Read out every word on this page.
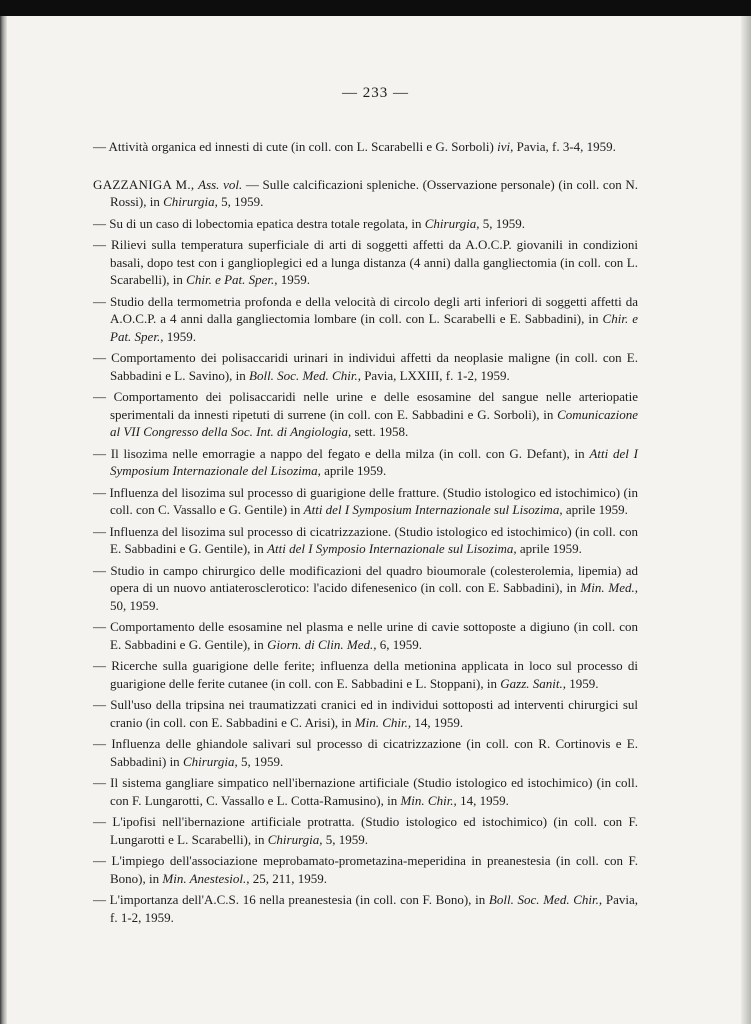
— 233 —

— Attività organica ed innesti di cute (in coll. con L. Scarabelli e G. Sorboli) ivi, Pavia, f. 3-4, 1959.

GAZZANIGA M., Ass. vol. — Sulle calcificazioni spleniche. (Osservazione personale) (in coll. con N. Rossi), in Chirurgia, 5, 1959.

— Su di un caso di lobectomia epatica destra totale regolata, in Chirurgia, 5, 1959.

— Rilievi sulla temperatura superficiale di arti di soggetti affetti da A.O.C.P. giovanili in condizioni basali, dopo test con i ganglioplegici ed a lunga distanza (4 anni) dalla gangliectomia (in coll. con L. Scarabelli), in Chir. e Pat. Sper., 1959.

— Studio della termometria profonda e della velocità di circolo degli arti inferiori di soggetti affetti da A.O.C.P. a 4 anni dalla gangliectomia lombare (in coll. con L. Scarabelli e E. Sabbadini), in Chir. e Pat. Sper., 1959.

— Comportamento dei polisaccaridi urinari in individui affetti da neoplasie maligne (in coll. con E. Sabbadini e L. Savino), in Boll. Soc. Med. Chir., Pavia, LXXIII, f. 1-2, 1959.

— Comportamento dei polisaccaridi nelle urine e delle esosamine del sangue nelle arteriopatie sperimentali da innesti ripetuti di surrene (in coll. con E. Sabbadini e G. Sorboli), in Comunicazione al VII Congresso della Soc. Int. di Angiologia, sett. 1958.

— Il lisozima nelle emorragie a nappo del fegato e della milza (in coll. con G. Defant), in Atti del I Symposium Internazionale del Lisozima, aprile 1959.

— Influenza del lisozima sul processo di guarigione delle fratture. (Studio istologico ed istochimico) (in coll. con C. Vassallo e G. Gentile) in Atti del I Symposium Internazionale sul Lisozima, aprile 1959.

— Influenza del lisozima sul processo di cicatrizzazione. (Studio istologico ed istochimico) (in coll. con E. Sabbadini e G. Gentile), in Atti del I Symposio Internazionale sul Lisozima, aprile 1959.

— Studio in campo chirurgico delle modificazioni del quadro bioumorale (colesterolemia, lipemia) ad opera di un nuovo antiaterosclerotico: l'acido difenesenico (in coll. con E. Sabbadini), in Min. Med., 50, 1959.

— Comportamento delle esosamine nel plasma e nelle urine di cavie sottoposte a digiuno (in coll. con E. Sabbadini e G. Gentile), in Giorn. di Clin. Med., 6, 1959.

— Ricerche sulla guarigione delle ferite; influenza della metionina applicata in loco sul processo di guarigione delle ferite cutanee (in coll. con E. Sabbadini e L. Stoppani), in Gazz. Sanit., 1959.

— Sull'uso della tripsina nei traumatizzati cranici ed in individui sottoposti ad interventi chirurgici sul cranio (in coll. con E. Sabbadini e C. Arisi), in Min. Chir., 14, 1959.

— Influenza delle ghiandole salivari sul processo di cicatrizzazione (in coll. con R. Cortinovis e E. Sabbadini) in Chirurgia, 5, 1959.

— Il sistema gangliare simpatico nell'ibernazione artificiale (Studio istologico ed istochimico) (in coll. con F. Lungarotti, C. Vassallo e L. Cotta-Ramusino), in Min. Chir., 14, 1959.

— L'ipofisi nell'ibernazione artificiale protratta. (Studio istologico ed istochimico) (in coll. con F. Lungarotti e L. Scarabelli), in Chirurgia, 5, 1959.

— L'impiego dell'associazione meprobamato-prometazina-meperidina in preanestesia (in coll. con F. Bono), in Min. Anestesiol., 25, 211, 1959.

— L'importanza dell'A.C.S. 16 nella preanestesia (in coll. con F. Bono), in Boll. Soc. Med. Chir., Pavia, f. 1-2, 1959.
